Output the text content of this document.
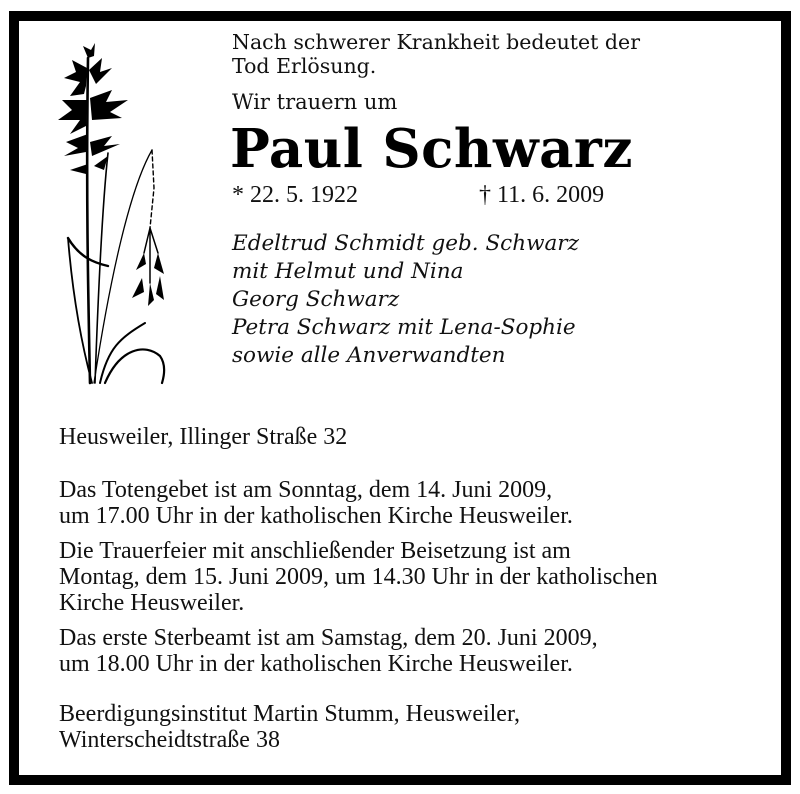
Nach schwerer Krankheit bedeutet der
Tod Erlösung.

Wir trauern um

Paul Schwarz
* 22. 5. 1922	† 11. 6. 2009
Edeltrud Schmidt geb. Schwarz
mit Helmut und Nina
Georg Schwarz
Petra Schwarz mit Lena-Sophie
sowie alle Anverwandten

Heusweiler, Illinger Straße 32

Das Totengebet ist am Sonntag, dem 14. Juni 2009,
um 17.00 Uhr in der katholischen Kirche Heusweiler.

Die Trauerfeier mit anschließender Beisetzung ist am
Montag, dem 15. Juni 2009, um 14.30 Uhr in der katholischen
Kirche Heusweiler.

Das erste Sterbeamt ist am Samstag, dem 20. Juni 2009,
um 18.00 Uhr in der katholischen Kirche Heusweiler.

Beerdigungsinstitut Martin Stumm, Heusweiler,
Winterscheidtstraße 38
